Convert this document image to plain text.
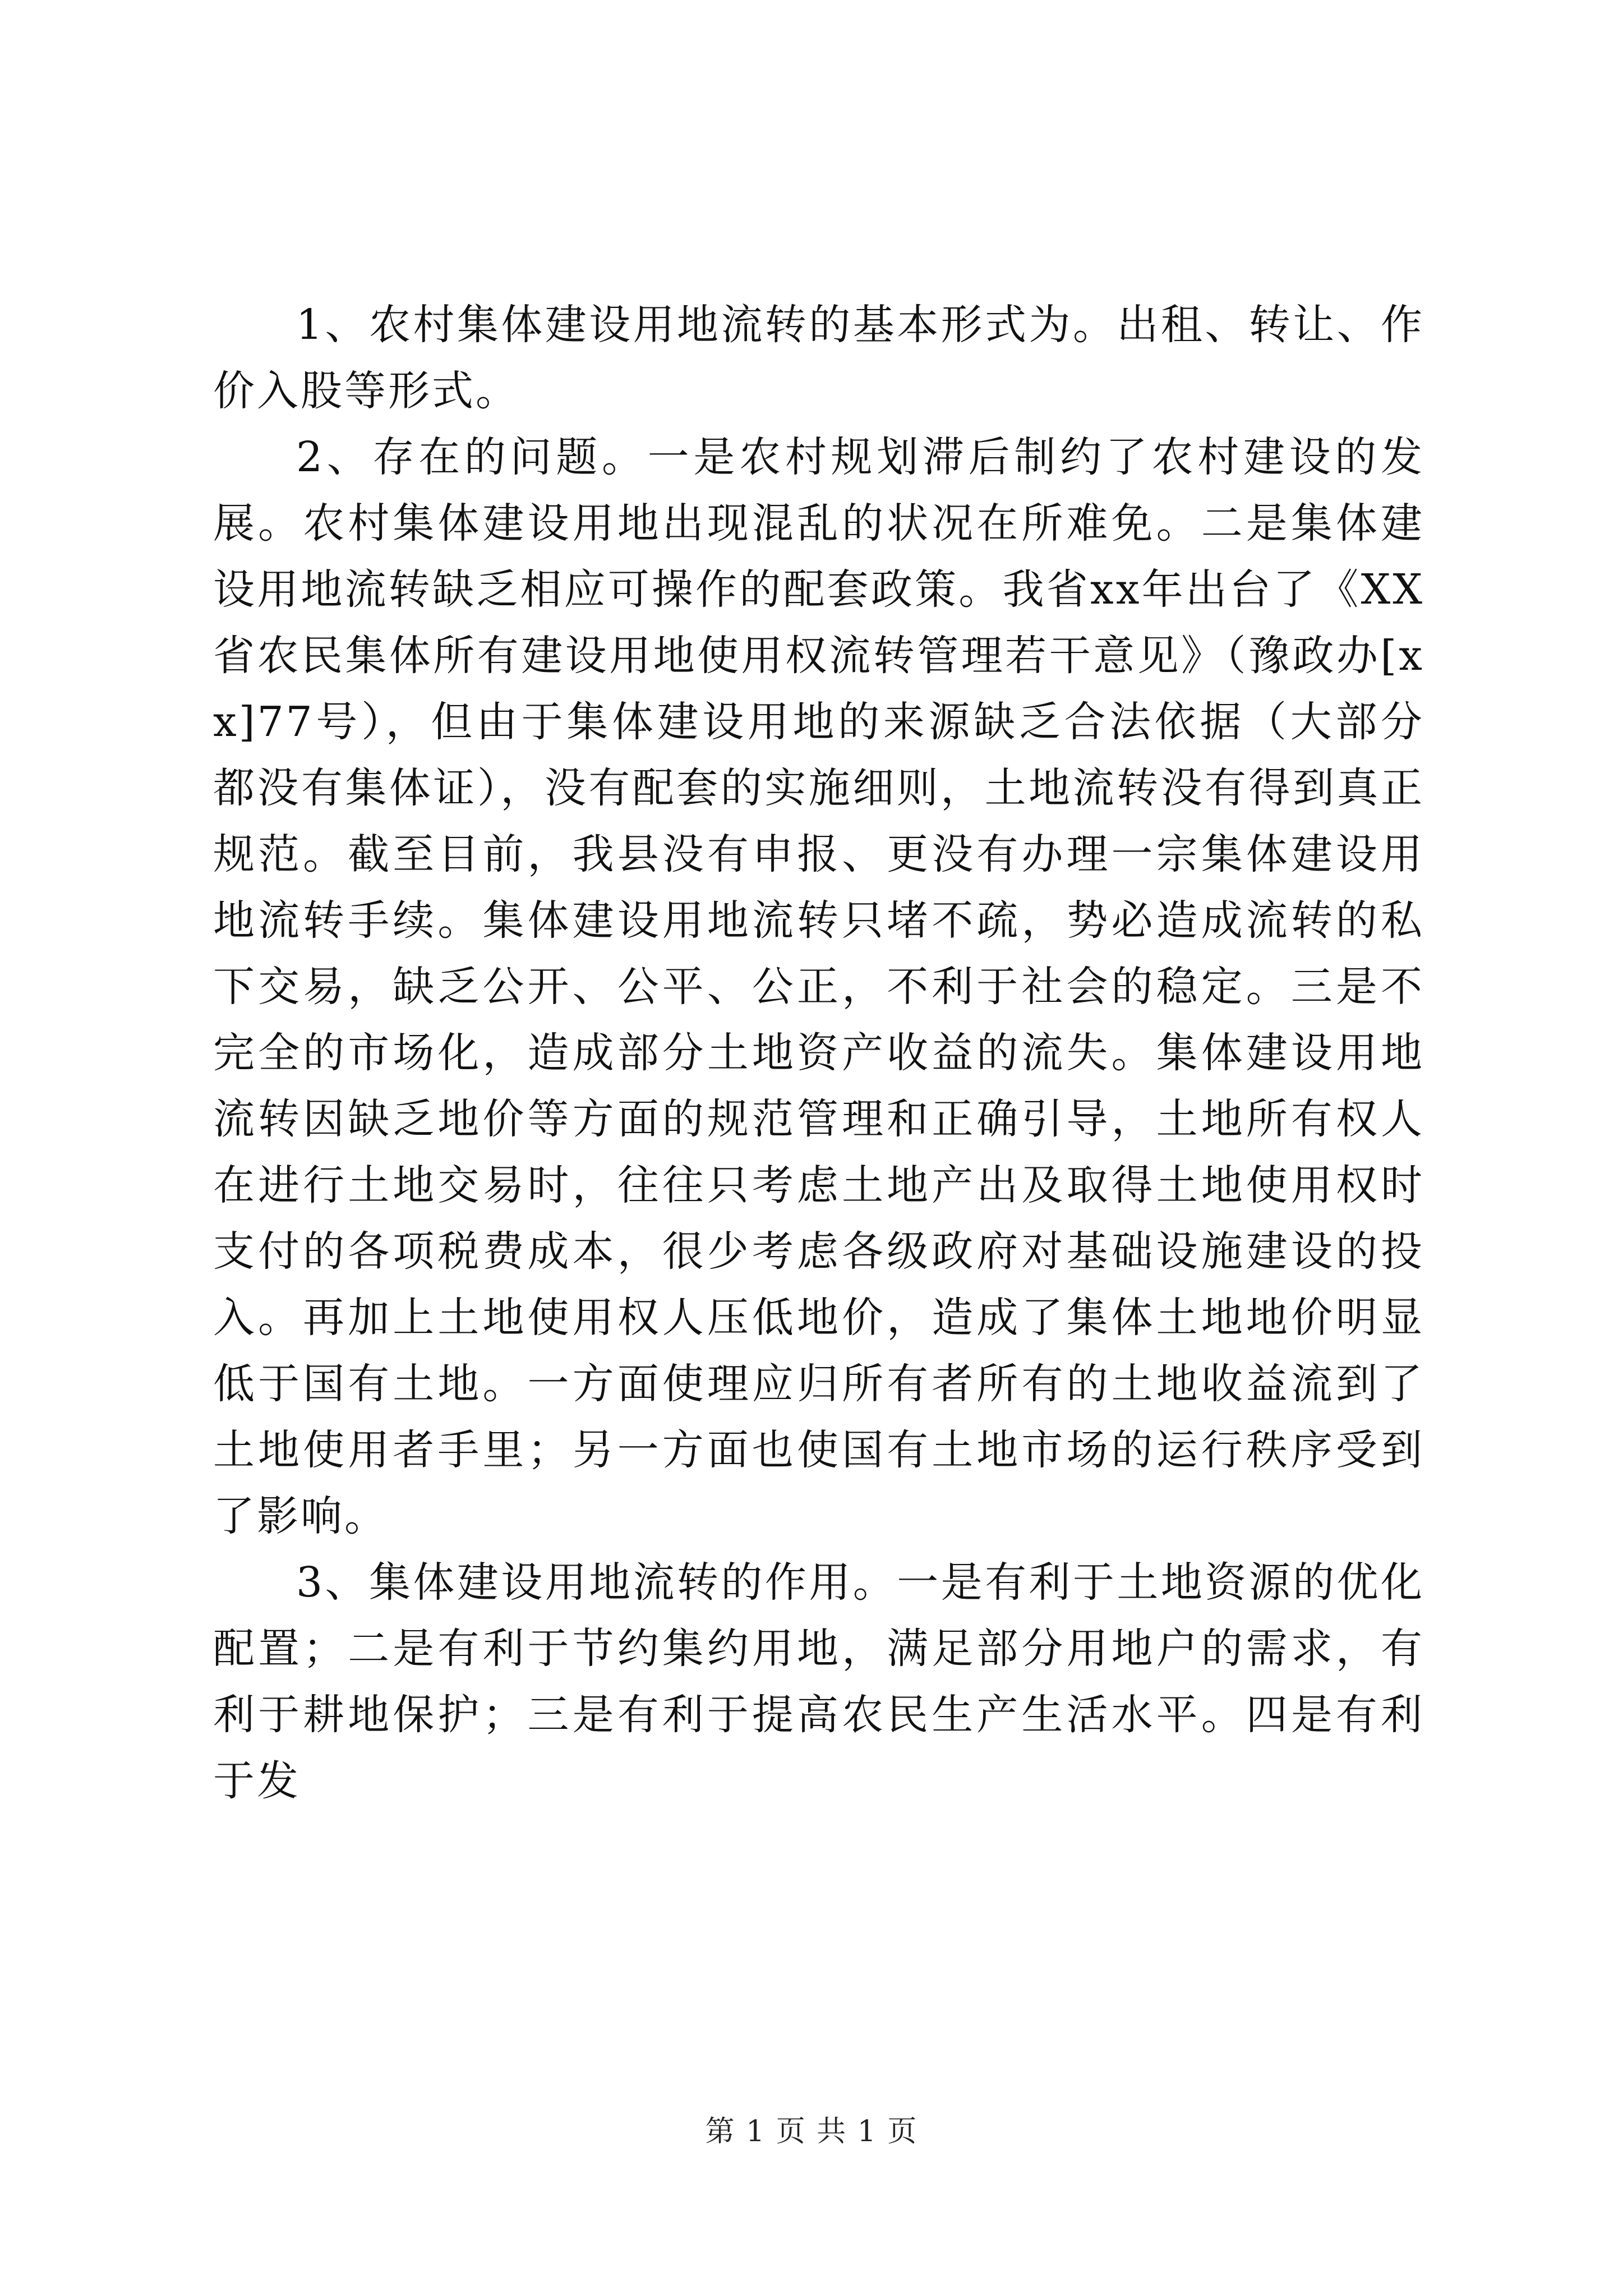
1、农村集体建设用地流转的基本形式为。出租、转让、作价入股等形式。

2、存在的问题。一是农村规划滞后制约了农村建设的发展。农村集体建设用地出现混乱的状况在所难免。二是集体建设用地流转缺乏相应可操作的配套政策。我省xx年出台了《XX省农民集体所有建设用地使用权流转管理若干意见》（豫政办[xx]77号），但由于集体建设用地的来源缺乏合法依据（大部分都没有集体证），没有配套的实施细则，土地流转没有得到真正规范。截至目前，我县没有申报、更没有办理一宗集体建设用地流转手续。集体建设用地流转只堵不疏，势必造成流转的私下交易，缺乏公开、公平、公正，不利于社会的稳定。三是不完全的市场化，造成部分土地资产收益的流失。集体建设用地流转因缺乏地价等方面的规范管理和正确引导，土地所有权人在进行土地交易时，往往只考虑土地产出及取得土地使用权时支付的各项税费成本，很少考虑各级政府对基础设施建设的投入。再加上土地使用权人压低地价，造成了集体土地地价明显低于国有土地。一方面使理应归所有者所有的土地收益流到了土地使用者手里；另一方面也使国有土地市场的运行秩序受到了影响。

3、集体建设用地流转的作用。一是有利于土地资源的优化配置；二是有利于节约集约用地，满足部分用地户的需求，有利于耕地保护；三是有利于提高农民生产生活水平。四是有利于发

第 1 页 共 1 页
